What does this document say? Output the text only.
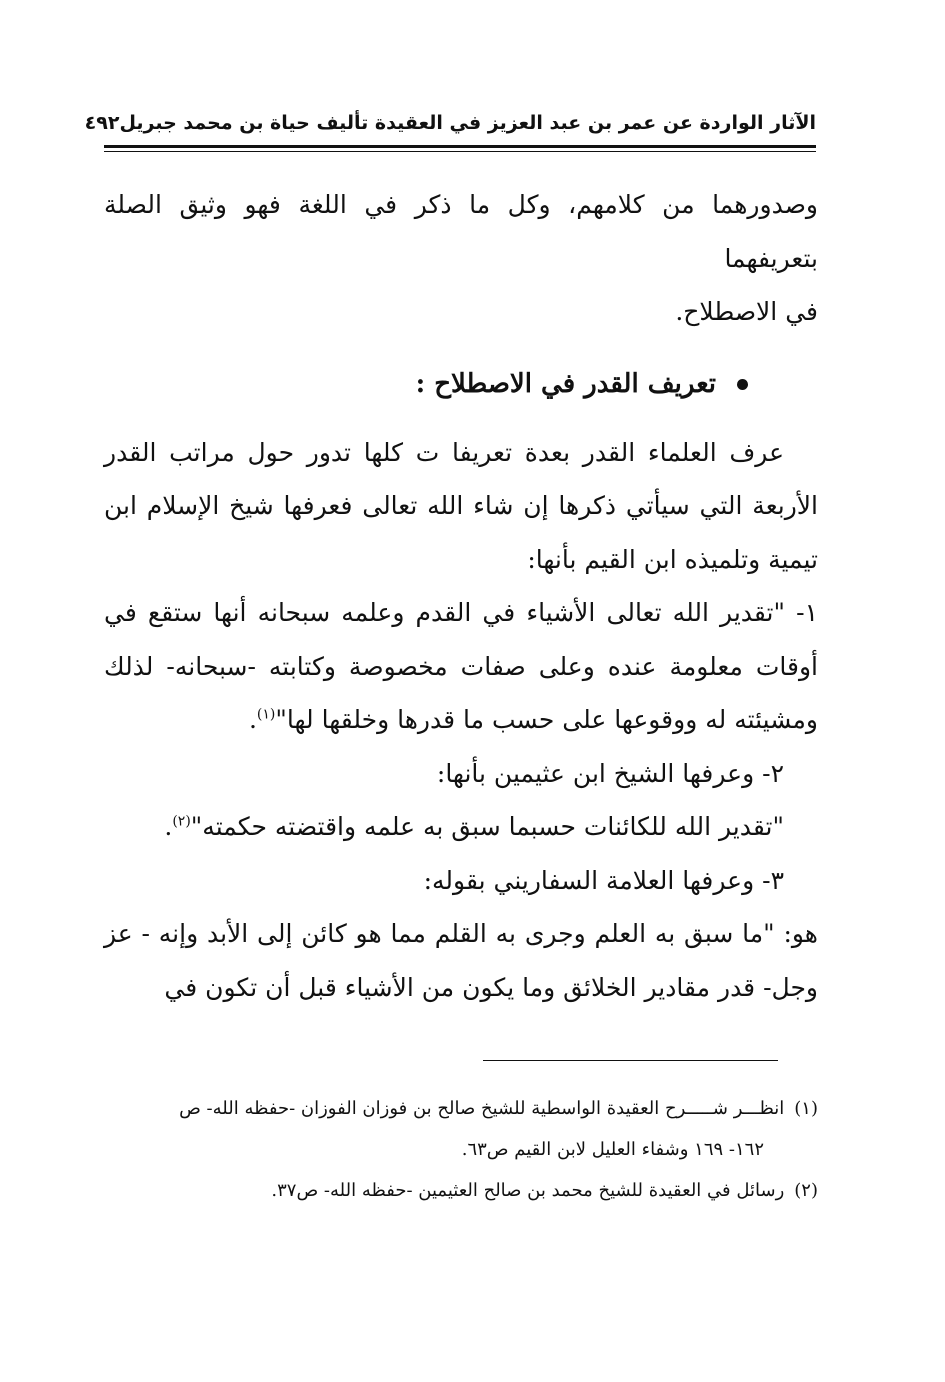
الآثار الواردة عن عمر بن عبد العزيز في العقيدة تأليف حياة بن محمد جبريل
٤٩٢

وصدورهما من كلامهم، وكل ما ذكر في اللغة فهو وثيق الصلة بتعريفهما

في الاصطلاح.

تعريف القدر في الاصطلاح :

عرف العلماء القدر بعدة تعريفا ت كلها تدور حول مراتب القدر الأربعة التي سيأتي ذكرها إن شاء الله تعالى فعرفها شيخ الإسلام ابن تيمية وتلميذه ابن القيم بأنها:

١- "تقدير الله تعالى الأشياء في القدم وعلمه سبحانه أنها ستقع في أوقات معلومة عنده وعلى صفات مخصوصة وكتابته -سبحانه- لذلك ومشيئته له ووقوعها على حسب ما قدرها وخلقها لها"$^{(١)}$.

٢- وعرفها الشيخ ابن عثيمين بأنها:

"تقدير الله للكائنات حسبما سبق به علمه واقتضته حكمته"$^{(٢)}$.

٣- وعرفها العلامة السفاريني بقوله:

هو: "ما سبق به العلم وجرى به القلم مما هو كائن إلى الأبد وإنه - عز وجل- قدر مقادير الخلائق وما يكون من الأشياء قبل أن تكون في

(١)انظـــر شـــــرح العقيدة الواسطية للشيخ صالح بن فوزان الفوزان -حفظه الله- ص

١٦٢- ١٦٩ وشفاء العليل لابن القيم ص٦٣.

(٢)رسائل في العقيدة للشيخ محمد بن صالح العثيمين -حفظه الله- ص٣٧.
